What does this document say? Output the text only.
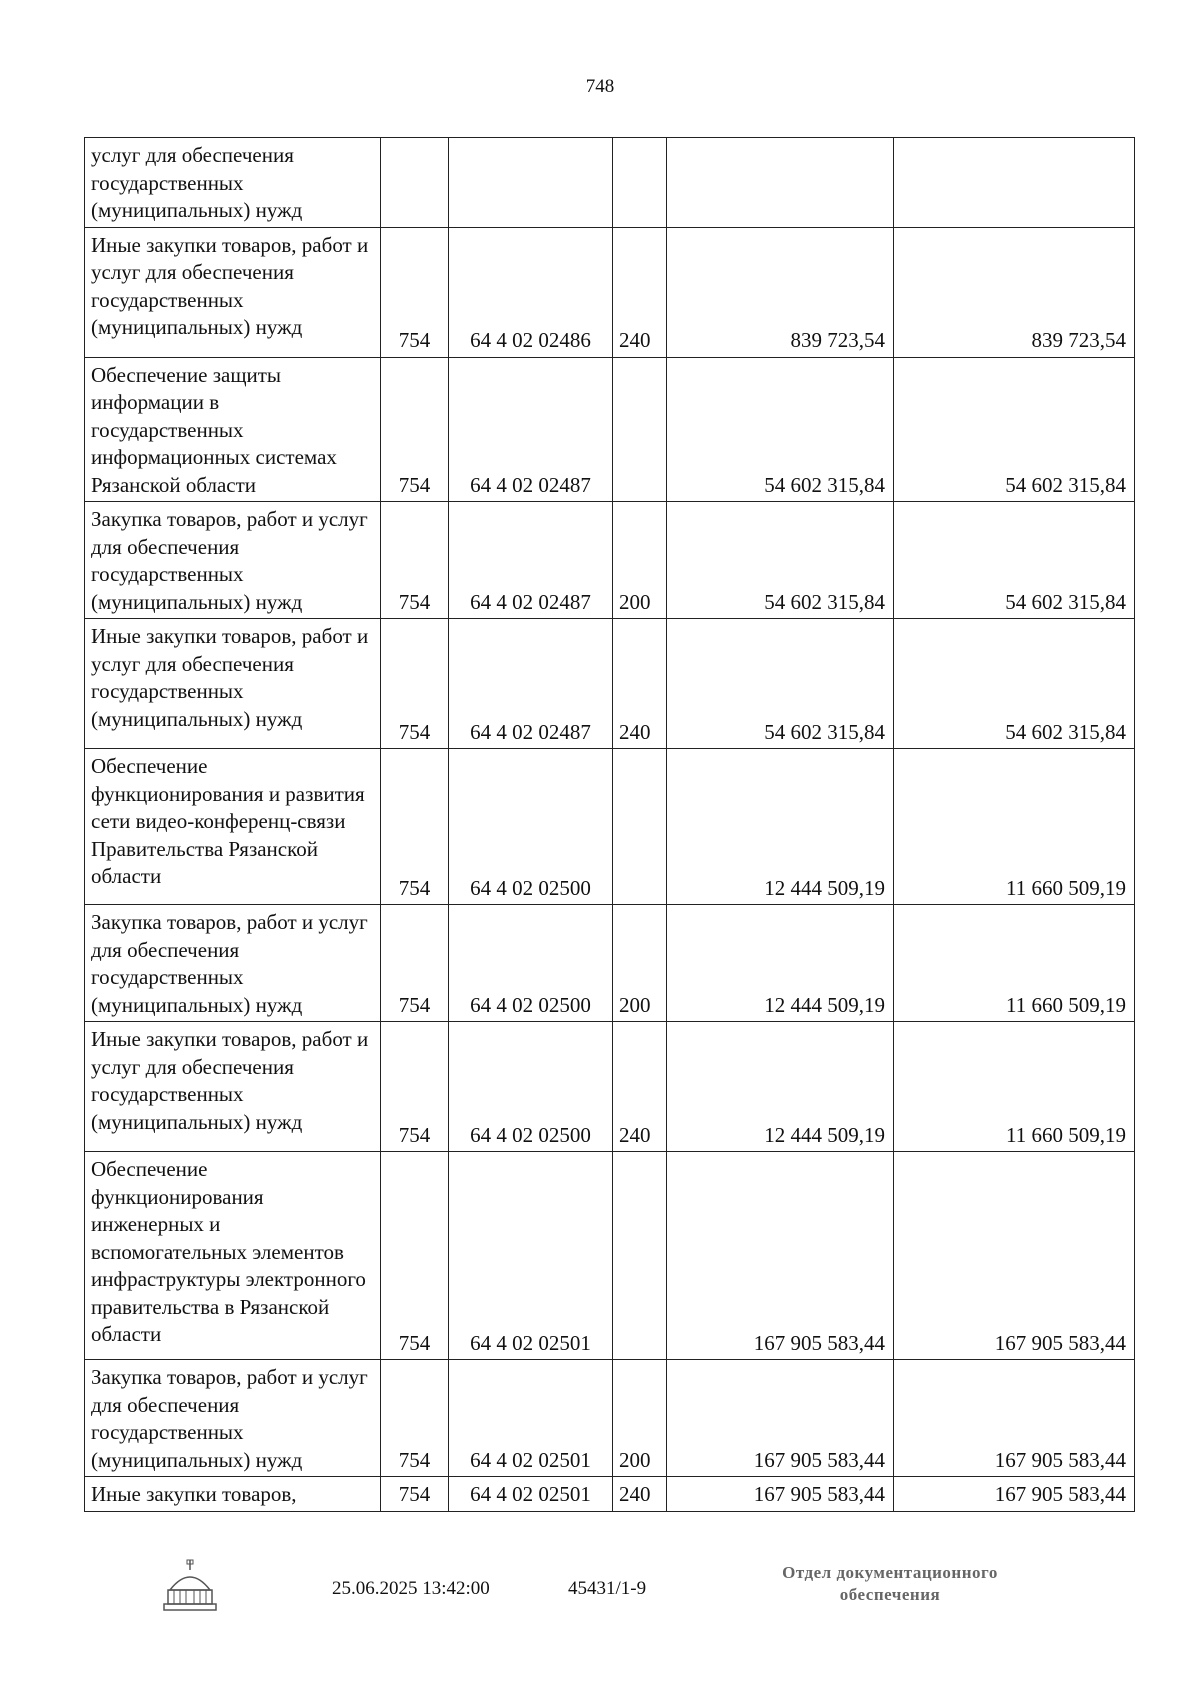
748
услуг для обеспечения государственных (муниципальных) нужд					
Иные закупки товаров, работ и услуг для обеспечения государственных (муниципальных) нужд	754	64 4 02 02486	240	839 723,54	839 723,54
Обеспечение защиты информации в государственных информационных системах Рязанской области	754	64 4 02 02487		54 602 315,84	54 602 315,84
Закупка товаров, работ и услуг для обеспечения государственных (муниципальных) нужд	754	64 4 02 02487	200	54 602 315,84	54 602 315,84
Иные закупки товаров, работ и услуг для обеспечения государственных (муниципальных) нужд	754	64 4 02 02487	240	54 602 315,84	54 602 315,84
Обеспечение функционирования и развития сети видео-конференц-связи Правительства Рязанской области	754	64 4 02 02500		12 444 509,19	11 660 509,19
Закупка товаров, работ и услуг для обеспечения государственных (муниципальных) нужд	754	64 4 02 02500	200	12 444 509,19	11 660 509,19
Иные закупки товаров, работ и услуг для обеспечения государственных (муниципальных) нужд	754	64 4 02 02500	240	12 444 509,19	11 660 509,19
Обеспечение функционирования инженерных и вспомогательных элементов инфраструктуры электронного правительства в Рязанской области	754	64 4 02 02501		167 905 583,44	167 905 583,44
Закупка товаров, работ и услуг для обеспечения государственных (муниципальных) нужд	754	64 4 02 02501	200	167 905 583,44	167 905 583,44
Иные закупки товаров,	754	64 4 02 02501	240	167 905 583,44	167 905 583,44
25.06.2025 13:42:00	45431/1-9
Отдел документационного
обеспечения
